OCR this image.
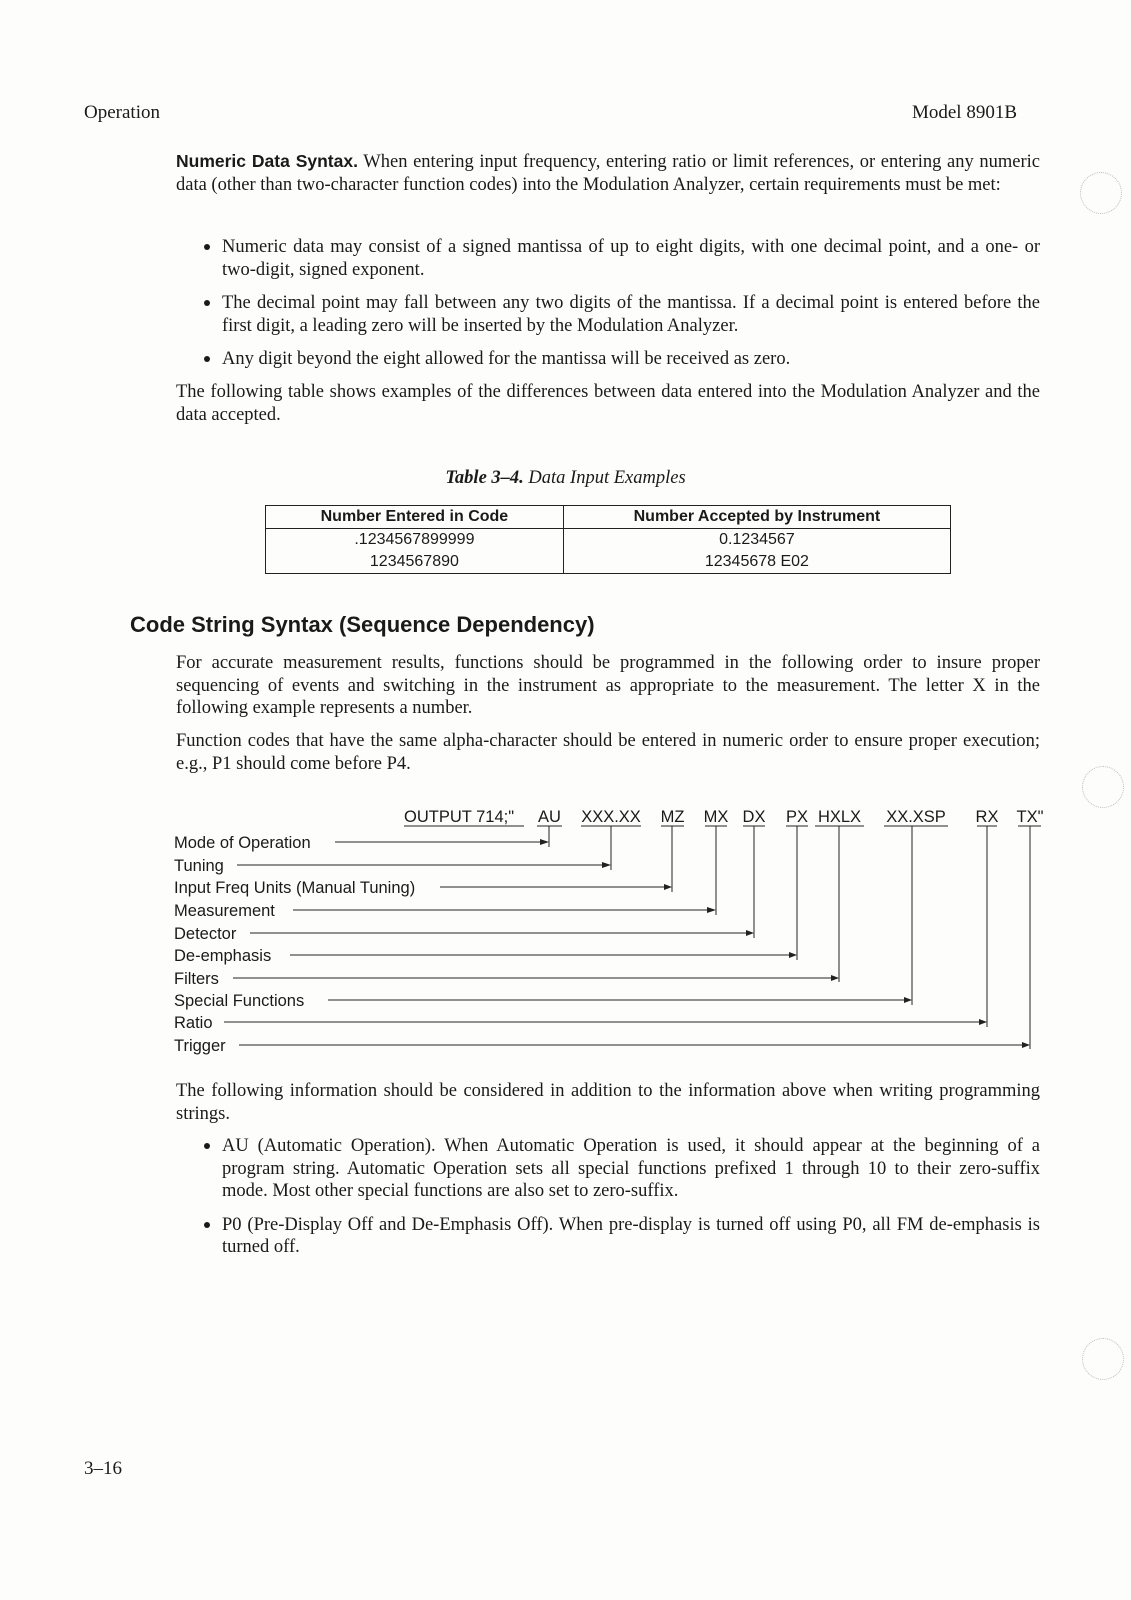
Operation	Model 8901B

Numeric Data Syntax. When entering input frequency, entering ratio or limit references, or entering any numeric data (other than two-character function codes) into the Modulation Analyzer, certain requirements must be met:

Numeric data may consist of a signed mantissa of up to eight digits, with one decimal point, and a one- or two-digit, signed exponent.
The decimal point may fall between any two digits of the mantissa. If a decimal point is entered before the first digit, a leading zero will be inserted by the Modulation Analyzer.
Any digit beyond the eight allowed for the mantissa will be received as zero.

The following table shows examples of the differences between data entered into the Modulation Analyzer and the data accepted.

Table 3–4. Data Input Examples
Number Entered in Code	Number Accepted by Instrument
.1234567899999	0.1234567
1234567890	12345678 E02
Code String Syntax (Sequence Dependency)

For accurate measurement results, functions should be programmed in the following order to insure proper sequencing of events and switching in the instrument as appropriate to the measurement. The letter X in the following example represents a number.

Function codes that have the same alpha-character should be entered in numeric order to ensure proper execution; e.g., P1 should come before P4.

OUTPUT 714;" AU XXX.XX MZ MX DX PX HXLX XX.XSP RX TX"
Mode of Operation
Tuning
Input Freq Units (Manual Tuning)
Measurement
Detector
De-emphasis
Filters
Special Functions
Ratio
Trigger

The following information should be considered in addition to the information above when writing programming strings.

AU (Automatic Operation). When Automatic Operation is used, it should appear at the beginning of a program string. Automatic Operation sets all special functions prefixed 1 through 10 to their zero-suffix mode. Most other special functions are also set to zero-suffix.
P0 (Pre-Display Off and De-Emphasis Off). When pre-display is turned off using P0, all FM de-emphasis is turned off.
3–16
